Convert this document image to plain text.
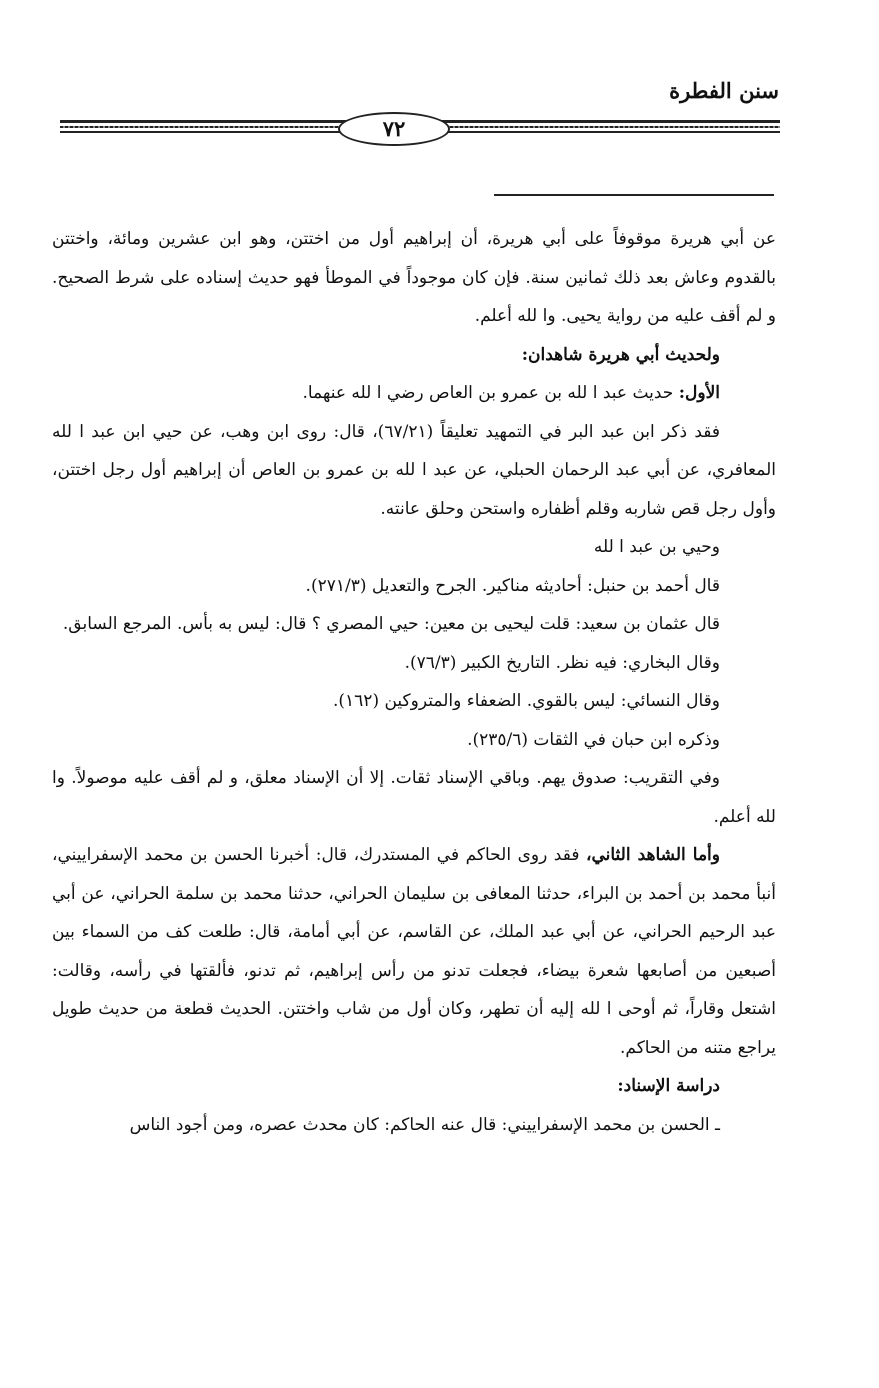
سنن الفطرة
٧٢

عن أبي هريرة موقوفاً على أبي هريرة، أن إبراهيم أول من اختتن، وهو ابن عشرين ومائة، واختتن بالقدوم وعاش بعد ذلك ثمانين سنة. فإن كان موجوداً في الموطأ فهو حديث إسناده على شرط الصحيح. و لم أقف عليه من رواية يحيى. وا لله أعلم.

ولحديث أبي هريرة شاهدان:

الأول: حديث عبد ا لله بن عمرو بن العاص رضي ا لله عنهما.

فقد ذكر ابن عبد البر في التمهيد تعليقاً (٦٧/٢١)، قال: روى ابن وهب، عن حيي ابن عبد ا لله المعافري، عن أبي عبد الرحمان الحبلي، عن عبد ا لله بن عمرو بن العاص أن إبراهيم أول رجل اختتن، وأول رجل قص شاربه وقلم أظفاره واستحن وحلق عانته.

وحيي بن عبد ا لله

قال أحمد بن حنبل: أحاديثه مناكير. الجرح والتعديل (٢٧١/٣).

قال عثمان بن سعيد: قلت ليحيى بن معين: حيي المصري ؟ قال: ليس به بأس. المرجع السابق.

وقال البخاري: فيه نظر. التاريخ الكبير (٧٦/٣).

وقال النسائي: ليس بالقوي. الضعفاء والمتروكين (١٦٢).

وذكره ابن حبان في الثقات (٢٣٥/٦).

وفي التقريب: صدوق يهم. وباقي الإسناد ثقات. إلا أن الإسناد معلق، و لم أقف عليه موصولاً. وا لله أعلم.

وأما الشاهد الثاني، فقد روى الحاكم في المستدرك، قال: أخبرنا الحسن بن محمد الإسفراييني، أنبأ محمد بن أحمد بن البراء، حدثنا المعافى بن سليمان الحراني، حدثنا محمد بن سلمة الحراني، عن أبي عبد الرحيم الحراني، عن أبي عبد الملك، عن القاسم، عن أبي أمامة، قال: طلعت كف من السماء بين أصبعين من أصابعها شعرة بيضاء، فجعلت تدنو من رأس إبراهيم، ثم تدنو، فألقتها في رأسه، وقالت: اشتعل وقاراً، ثم أوحى ا لله إليه أن تطهر، وكان أول من شاب واختتن. الحديث قطعة من حديث طويل يراجع متنه من الحاكم.

دراسة الإسناد:

ـ الحسن بن محمد الإسفراييني: قال عنه الحاكم: كان محدث عصره، ومن أجود الناس
